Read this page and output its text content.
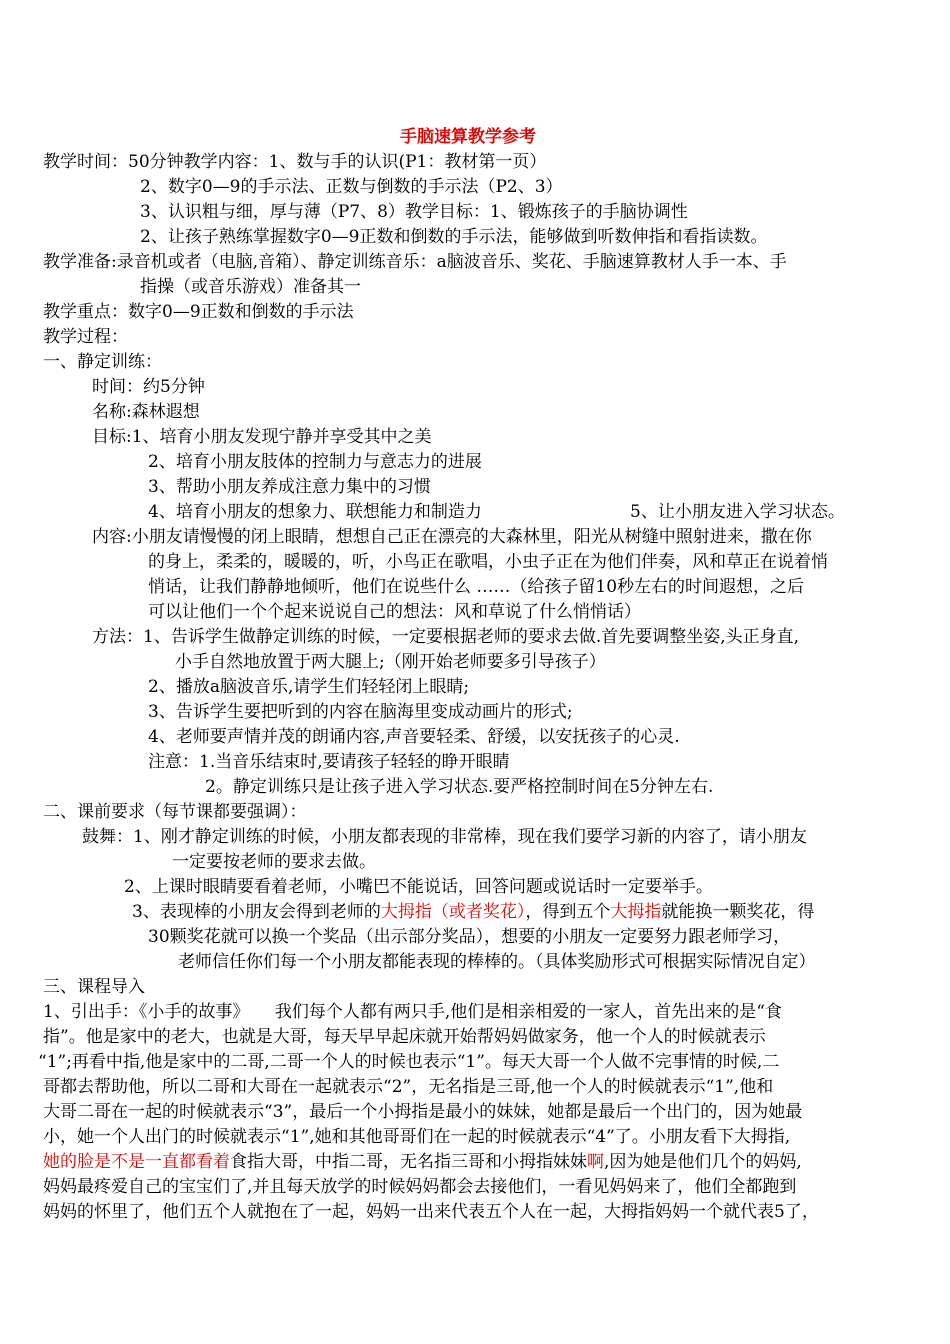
手脑速算教学参考
教学时间：50分钟教学内容：1、数与手的认识(P1：教材第一页）
2、数字0—9的手示法、正数与倒数的手示法（P2、3）
3、认识粗与细，厚与薄（P7、8）教学目标：1、锻炼孩子的手脑协调性
2、让孩子熟练掌握数字0—9正数和倒数的手示法，能够做到听数伸指和看指读数。
教学准备:录音机或者（电脑,音箱）、静定训练音乐：a脑波音乐、奖花、手脑速算教材人手一本、手
指操（或音乐游戏）准备其一
教学重点：数字0—9正数和倒数的手示法
教学过程：
一、静定训练：
时间：约5分钟
名称:森林遐想
目标:1、培育小朋友发现宁静并享受其中之美
2、培育小朋友肢体的控制力与意志力的进展
3、帮助小朋友养成注意力集中的习惯
4、培育小朋友的想象力、联想能力和制造力	5、让小朋友进入学习状态。
内容:小朋友请慢慢的闭上眼睛，想想自己正在漂亮的大森林里，阳光从树缝中照射进来，撒在你
的身上，柔柔的，暖暖的，听，小鸟正在歌唱，小虫子正在为他们伴奏，风和草正在说着悄
悄话，让我们静静地倾听，他们在说些什么 ……（给孩子留10秒左右的时间遐想，之后
可以让他们一个个起来说说自己的想法：风和草说了什么悄悄话）
方法：1、告诉学生做静定训练的时候，一定要根据老师的要求去做.首先要调整坐姿,头正身直,
小手自然地放置于两大腿上;（刚开始老师要多引导孩子）
2、播放a脑波音乐,请学生们轻轻闭上眼睛;
3、告诉学生要把听到的内容在脑海里变成动画片的形式;
4、老师要声情并茂的朗诵内容,声音要轻柔、舒缓，以安抚孩子的心灵.
注意：1.当音乐结束时,要请孩子轻轻的睁开眼睛
2。静定训练只是让孩子进入学习状态.要严格控制时间在5分钟左右.
二、课前要求（每节课都要强调）：
鼓舞：1、刚才静定训练的时候，小朋友都表现的非常棒，现在我们要学习新的内容了，请小朋友
一定要按老师的要求去做。
2、上课时眼睛要看着老师，小嘴巴不能说话，回答问题或说话时一定要举手。
3、表现棒的小朋友会得到老师的大拇指（或者奖花），得到五个大拇指就能换一颗奖花，得
30颗奖花就可以换一个奖品（出示部分奖品），想要的小朋友一定要努力跟老师学习，
老师信任你们每一个小朋友都能表现的棒棒的。（具体奖励形式可根据实际情况自定）
三、课程导入
1、引出手：《小手的故事》　　我们每个人都有两只手,他们是相亲相爱的一家人，首先出来的是“食
指”。他是家中的老大，也就是大哥，每天早早起床就开始帮妈妈做家务，他一个人的时候就表示
“1”;再看中指,他是家中的二哥,二哥一个人的时候也表示“1”。每天大哥一个人做不完事情的时候,二
哥都去帮助他，所以二哥和大哥在一起就表示“2”，无名指是三哥,他一个人的时候就表示“1”,他和
大哥二哥在一起的时候就表示“3”，最后一个小拇指是最小的妹妹，她都是最后一个出门的，因为她最
小，她一个人出门的时候就表示“1”,她和其他哥哥们在一起的时候就表示“4”了。小朋友看下大拇指,
她的脸是不是一直都看着食指大哥，中指二哥，无名指三哥和小拇指妹妹啊,因为她是他们几个的妈妈,
妈妈最疼爱自己的宝宝们了,并且每天放学的时候妈妈都会去接他们，一看见妈妈来了，他们全都跑到
妈妈的怀里了，他们五个人就抱在了一起，妈妈一出来代表五个人在一起，大拇指妈妈一个就代表5了，
